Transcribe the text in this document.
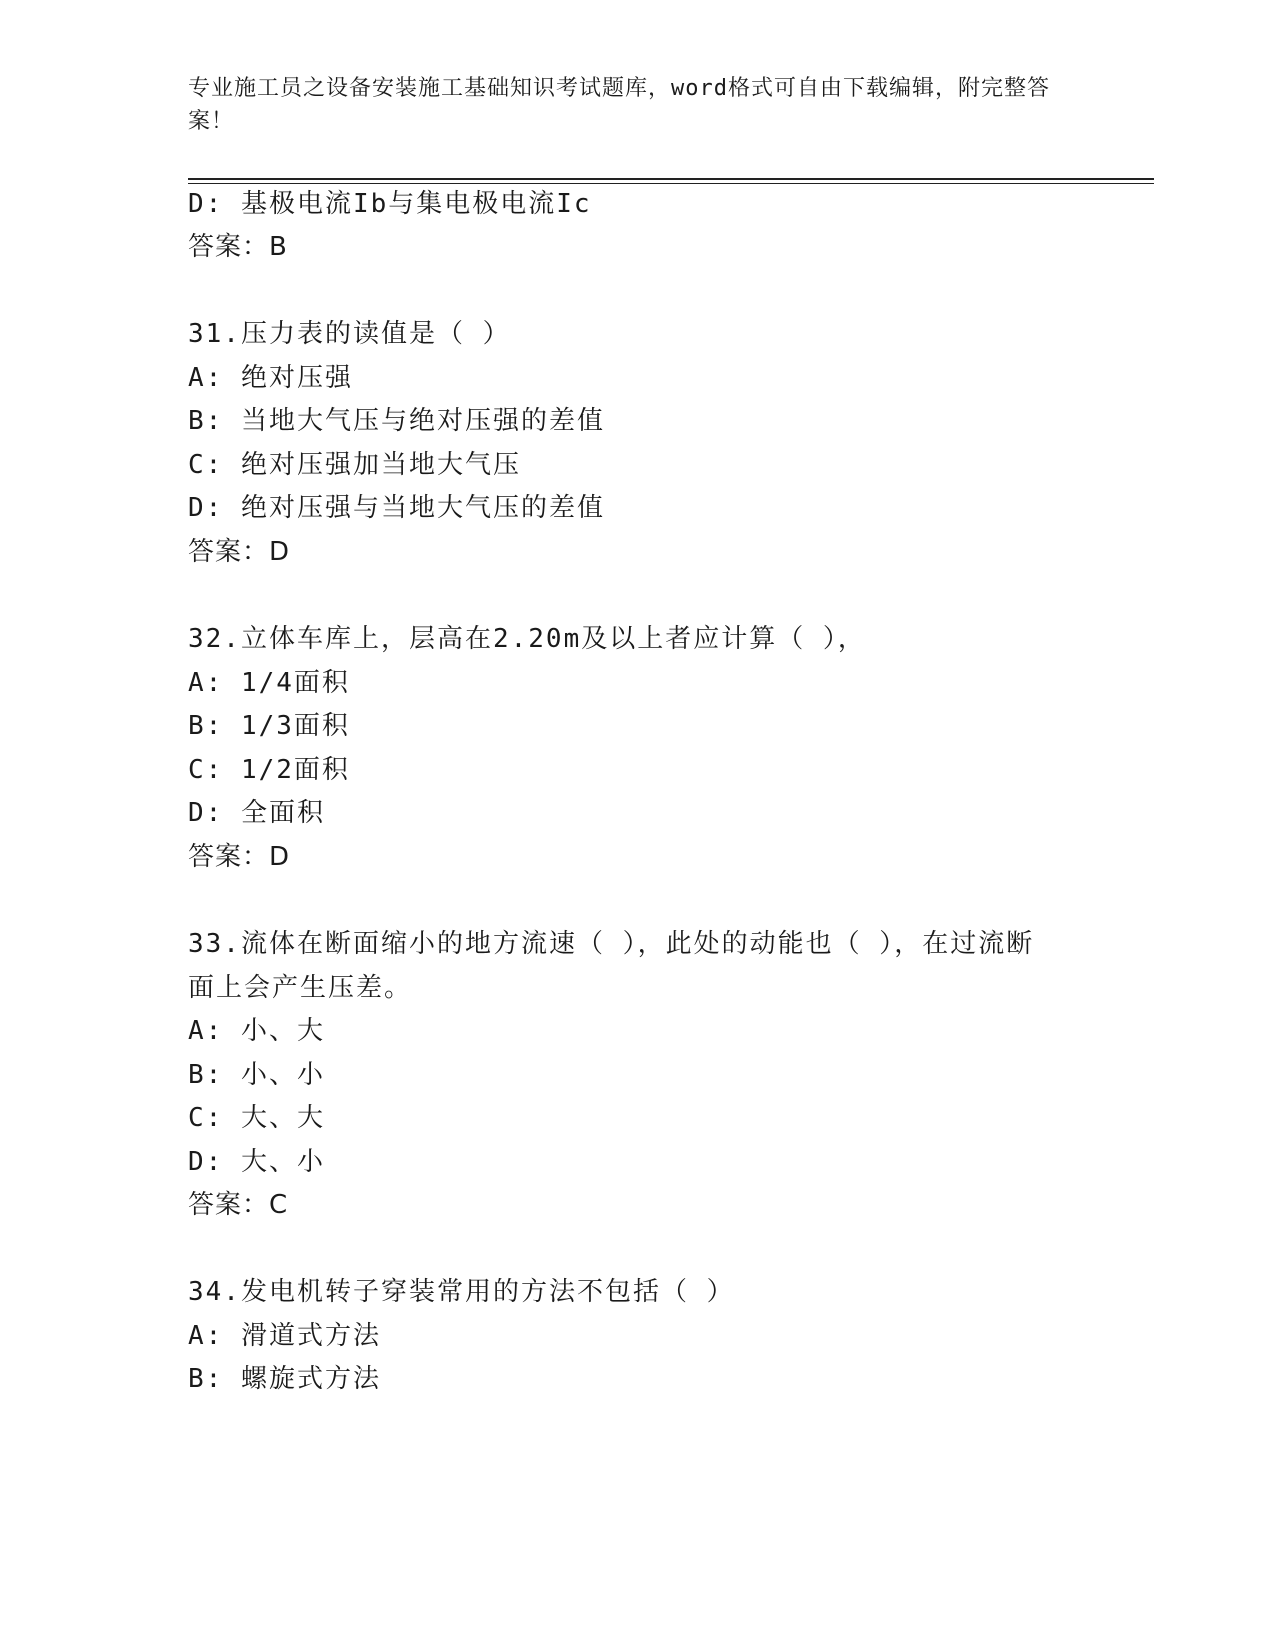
专业施工员之设备安装施工基础知识考试题库，word格式可自由下载编辑，附完整答案！
D: 基极电流Ib与集电极电流Ic
答案：B
31.压力表的读值是（ ）
A: 绝对压强
B: 当地大气压与绝对压强的差值
C: 绝对压强加当地大气压
D: 绝对压强与当地大气压的差值
答案：D
32.立体车库上，层高在2.20m及以上者应计算（ ），
A: 1/4面积
B: 1/3面积
C: 1/2面积
D: 全面积
答案：D
33.流体在断面缩小的地方流速（ ），此处的动能也（ ），在过流断
面上会产生压差。
A: 小、大
B: 小、小
C: 大、大
D: 大、小
答案：C
34.发电机转子穿装常用的方法不包括（ ）
A: 滑道式方法
B: 螺旋式方法
